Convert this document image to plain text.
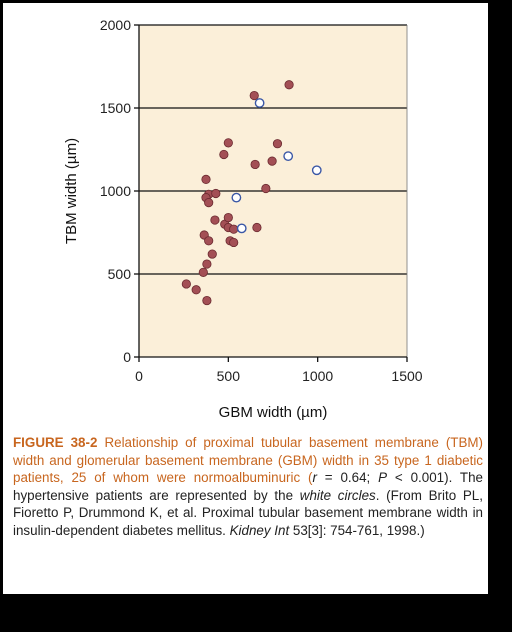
0	500	1000	1500
0
500
1000
1500
2000
GBM width (µm)
TBM width (µm)
FIGURE 38-2 Relationship of proximal tubular basement membrane (TBM) width and glomerular basement membrane (GBM) width in 35 type 1 diabetic patients, 25 of whom were normoalbuminuric (r = 0.64; P < 0.001). The hypertensive patients are represented by the white circles. (From Brito PL, Fioretto P, Drummond K, et al. Proximal tubular basement membrane width in insulin-dependent diabetes mellitus. Kidney Int 53[3]: 754-761, 1998.)
